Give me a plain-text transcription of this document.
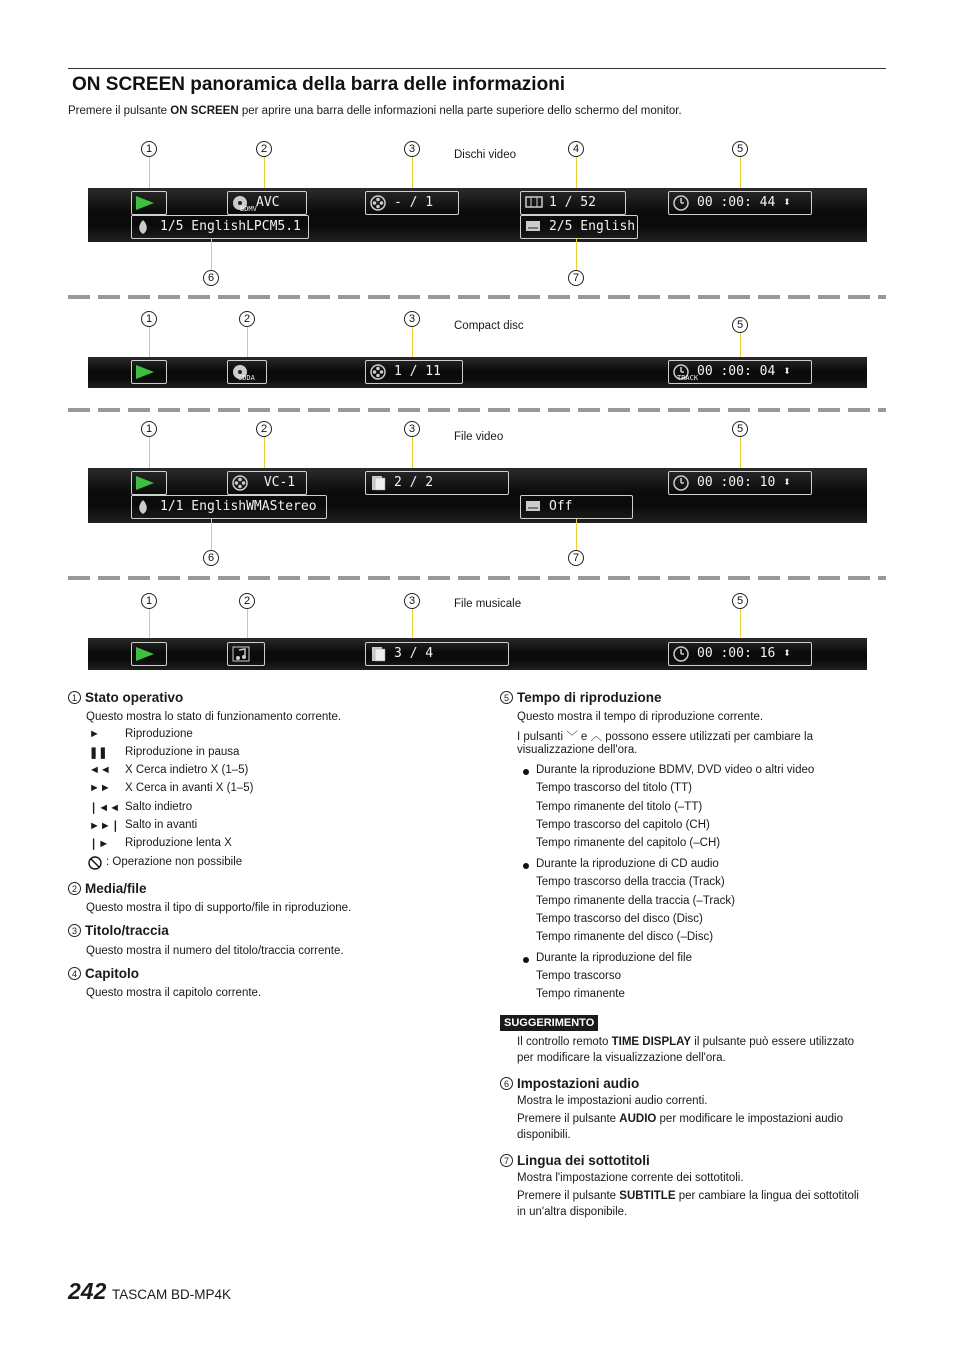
ON SCREEN panoramica della barra delle informazioni
Premere il pulsante ON SCREEN per aprire una barra delle informazioni nella parte superiore dello schermo del monitor.
1	2	3	4	5
Dischi video
AVC
BDMV	- / 1	1 / 52	00 :00: 44 ⬍
1/5 EnglishLPCM5.1	2/5 English
6	7
1	2	3	5
Compact disc
CDDA	1 / 11	00 :00: 04 ⬍
TRACK
1	2	3	5
File video
VC-1	2 / 2	00 :00: 10 ⬍
1/1 EnglishWMAStereo	Off
6	7
1	2	3	5
File musicale
3 / 4	00 :00: 16 ⬍
1 Stato operativo
Questo mostra lo stato di funzionamento corrente.
► Riproduzione
❚❚ Riproduzione in pausa
◄◄ X Cerca indietro X (1–5)
►► X Cerca in avanti X (1–5)
❘◄◄ Salto indietro
►►❘ Salto in avanti
❘► Riproduzione lenta X
: Operazione non possibile
2 Media/file
Questo mostra il tipo di supporto/file in riproduzione.
3 Titolo/traccia
Questo mostra il numero del titolo/traccia corrente.
4 Capitolo
Questo mostra il capitolo corrente.
5 Tempo di riproduzione
Questo mostra il tempo di riproduzione corrente.
I pulsanti ﹀ e ︿ possono essere utilizzati per cambiare la
visualizzazione dell'ora.
Durante la riproduzione BDMV, DVD video o altri video
Tempo trascorso del titolo (TT)
Tempo rimanente del titolo (–TT)
Tempo trascorso del capitolo (CH)
Tempo rimanente del capitolo (–CH)
Durante la riproduzione di CD audio
Tempo trascorso della traccia (Track)
Tempo rimanente della traccia (–Track)
Tempo trascorso del disco (Disc)
Tempo rimanente del disco (–Disc)
Durante la riproduzione del file
Tempo trascorso
Tempo rimanente
SUGGERIMENTO
Il controllo remoto TIME DISPLAY il pulsante può essere utilizzato
per modificare la visualizzazione dell'ora.
6 Impostazioni audio
Mostra le impostazioni audio correnti.
Premere il pulsante AUDIO per modificare le impostazioni audio
disponibili.
7 Lingua dei sottotitoli
Mostra l'impostazione corrente dei sottotitoli.
Premere il pulsante SUBTITLE per cambiare la lingua dei sottotitoli
in un'altra disponibile.
242 TASCAM BD-MP4K
